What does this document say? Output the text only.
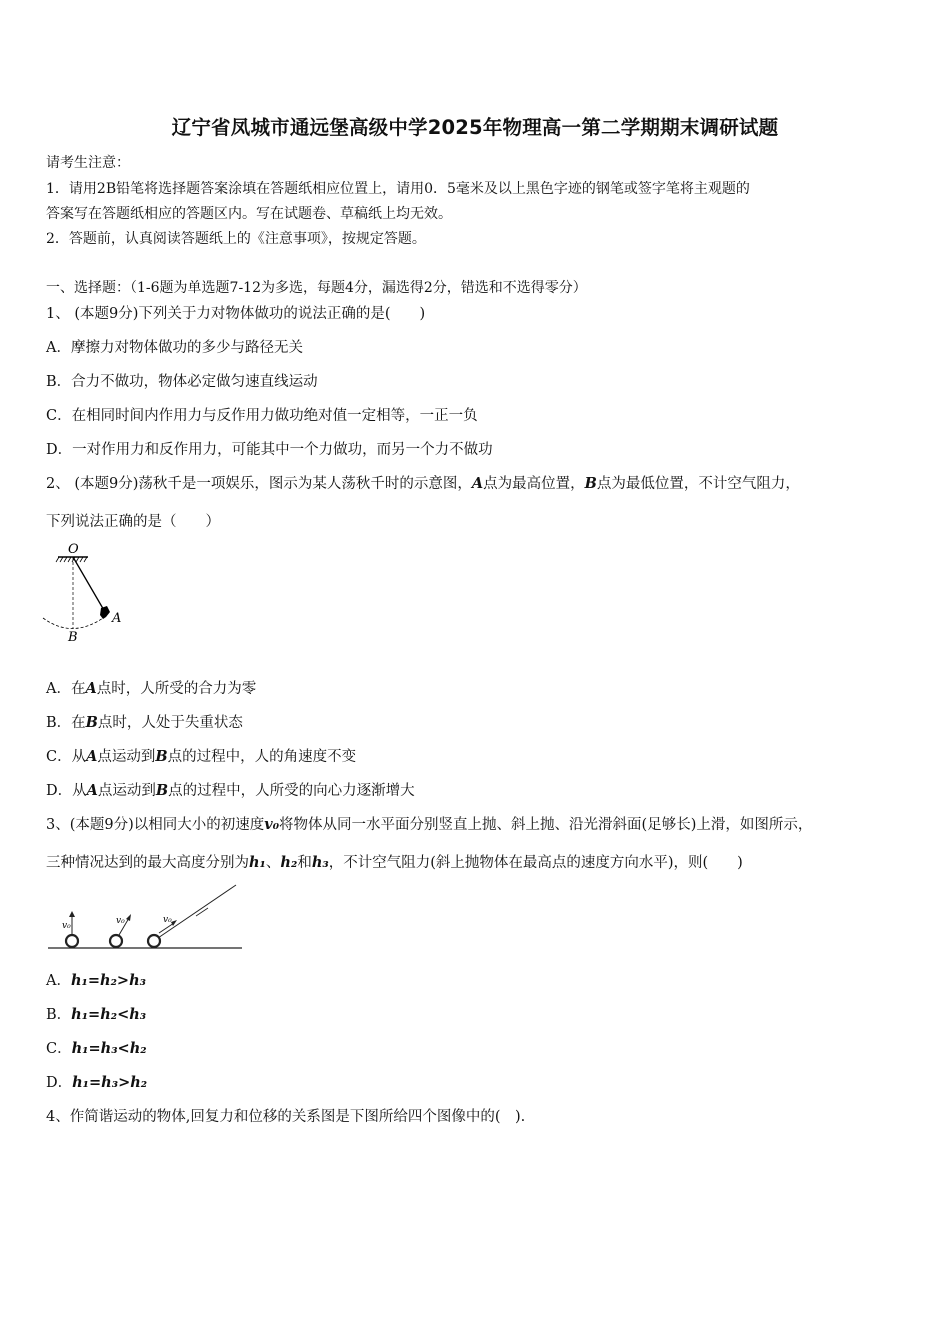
辽宁省凤城市通远堡高级中学2025年物理高一第二学期期末调研试题
请考生注意：
1．请用2B铅笔将选择题答案涂填在答题纸相应位置上，请用0．5毫米及以上黑色字迹的钢笔或签字笔将主观题的
答案写在答题纸相应的答题区内。写在试题卷、草稿纸上均无效。
2．答题前，认真阅读答题纸上的《注意事项》，按规定答题。
一、选择题：（1-6题为单选题7-12为多选，每题4分，漏选得2分，错选和不选得零分）
1、 (本题9分)下列关于力对物体做功的说法正确的是(　　)
A．摩擦力对物体做功的多少与路径无关
B．合力不做功，物体必定做匀速直线运动
C．在相同时间内作用力与反作用力做功绝对值一定相等，一正一负
D．一对作用力和反作用力，可能其中一个力做功，而另一个力不做功
2、 (本题9分)荡秋千是一项娱乐，图示为某人荡秋千时的示意图，A点为最高位置，B点为最低位置，不计空气阻力，
下列说法正确的是（　　）
O
A
B
A．在A点时，人所受的合力为零
B．在B点时，人处于失重状态
C．从A点运动到B点的过程中，人的角速度不变
D．从A点运动到B点的过程中，人所受的向心力逐渐增大
3、(本题9分)以相同大小的初速度v₀将物体从同一水平面分别竖直上抛、斜上抛、沿光滑斜面(足够长)上滑，如图所示，
三种情况达到的最大高度分别为h₁、h₂和h₃，不计空气阻力(斜上抛物体在最高点的速度方向水平)，则(　　)
v₀	v₀	v₀
A．h₁=h₂>h₃
B．h₁=h₂<h₃
C．h₁=h₃<h₂
D．h₁=h₃>h₂
4、作简谐运动的物体,回复力和位移的关系图是下图所给四个图像中的(　).
